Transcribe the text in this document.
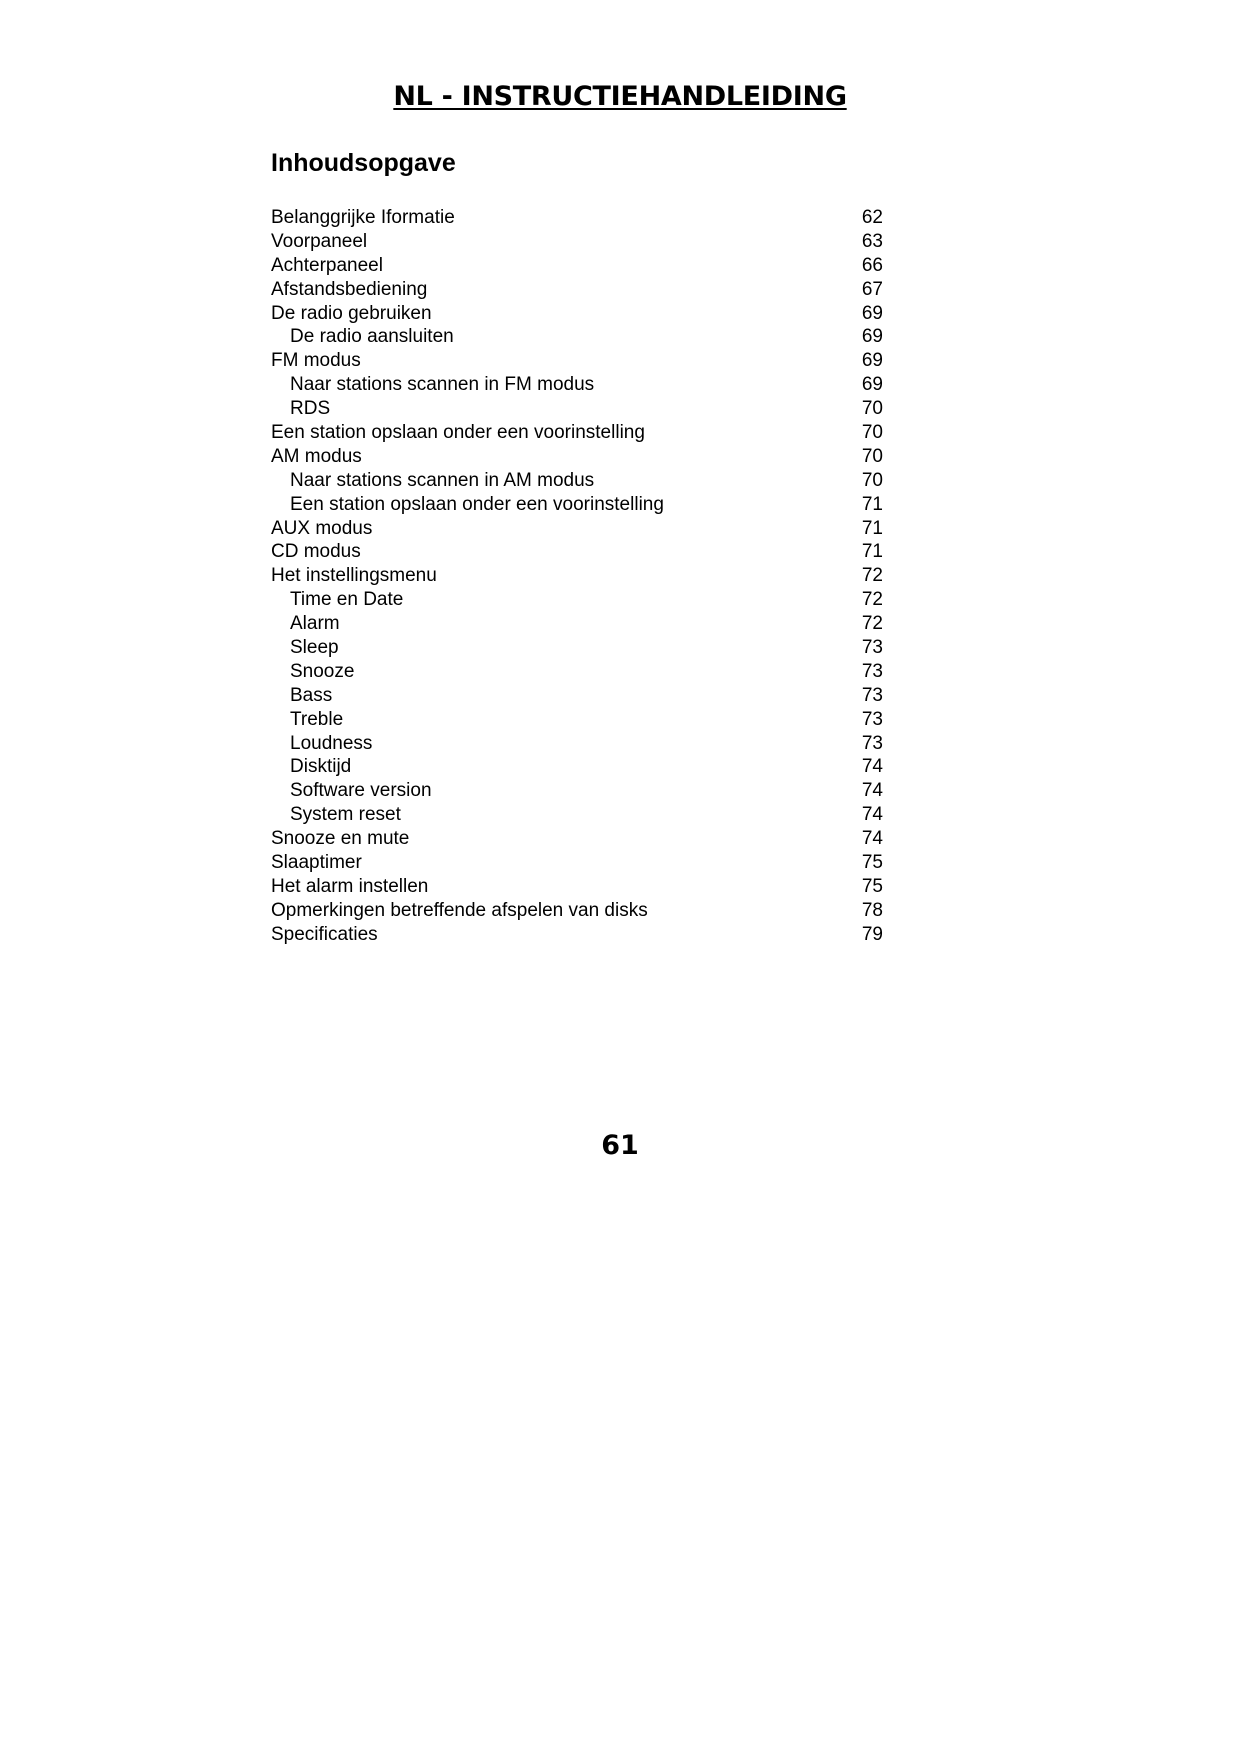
NL - INSTRUCTIEHANDLEIDING
Inhoudsopgave
Belanggrijke Iformatie	62
Voorpaneel	63
Achterpaneel	66
Afstandsbediening	67
De radio gebruiken	69
De radio aansluiten	69
FM modus	69
Naar stations scannen in FM modus	69
RDS	70
Een station opslaan onder een voorinstelling	70
AM modus	70
Naar stations scannen in AM modus	70
Een station opslaan onder een voorinstelling	71
AUX modus	71
CD modus	71
Het instellingsmenu	72
Time en Date	72
Alarm	72
Sleep	73
Snooze	73
Bass	73
Treble	73
Loudness	73
Disktijd	74
Software version	74
System reset	74
Snooze en mute	74
Slaaptimer	75
Het alarm instellen	75
Opmerkingen betreffende afspelen van disks	78
Specificaties	79
61
